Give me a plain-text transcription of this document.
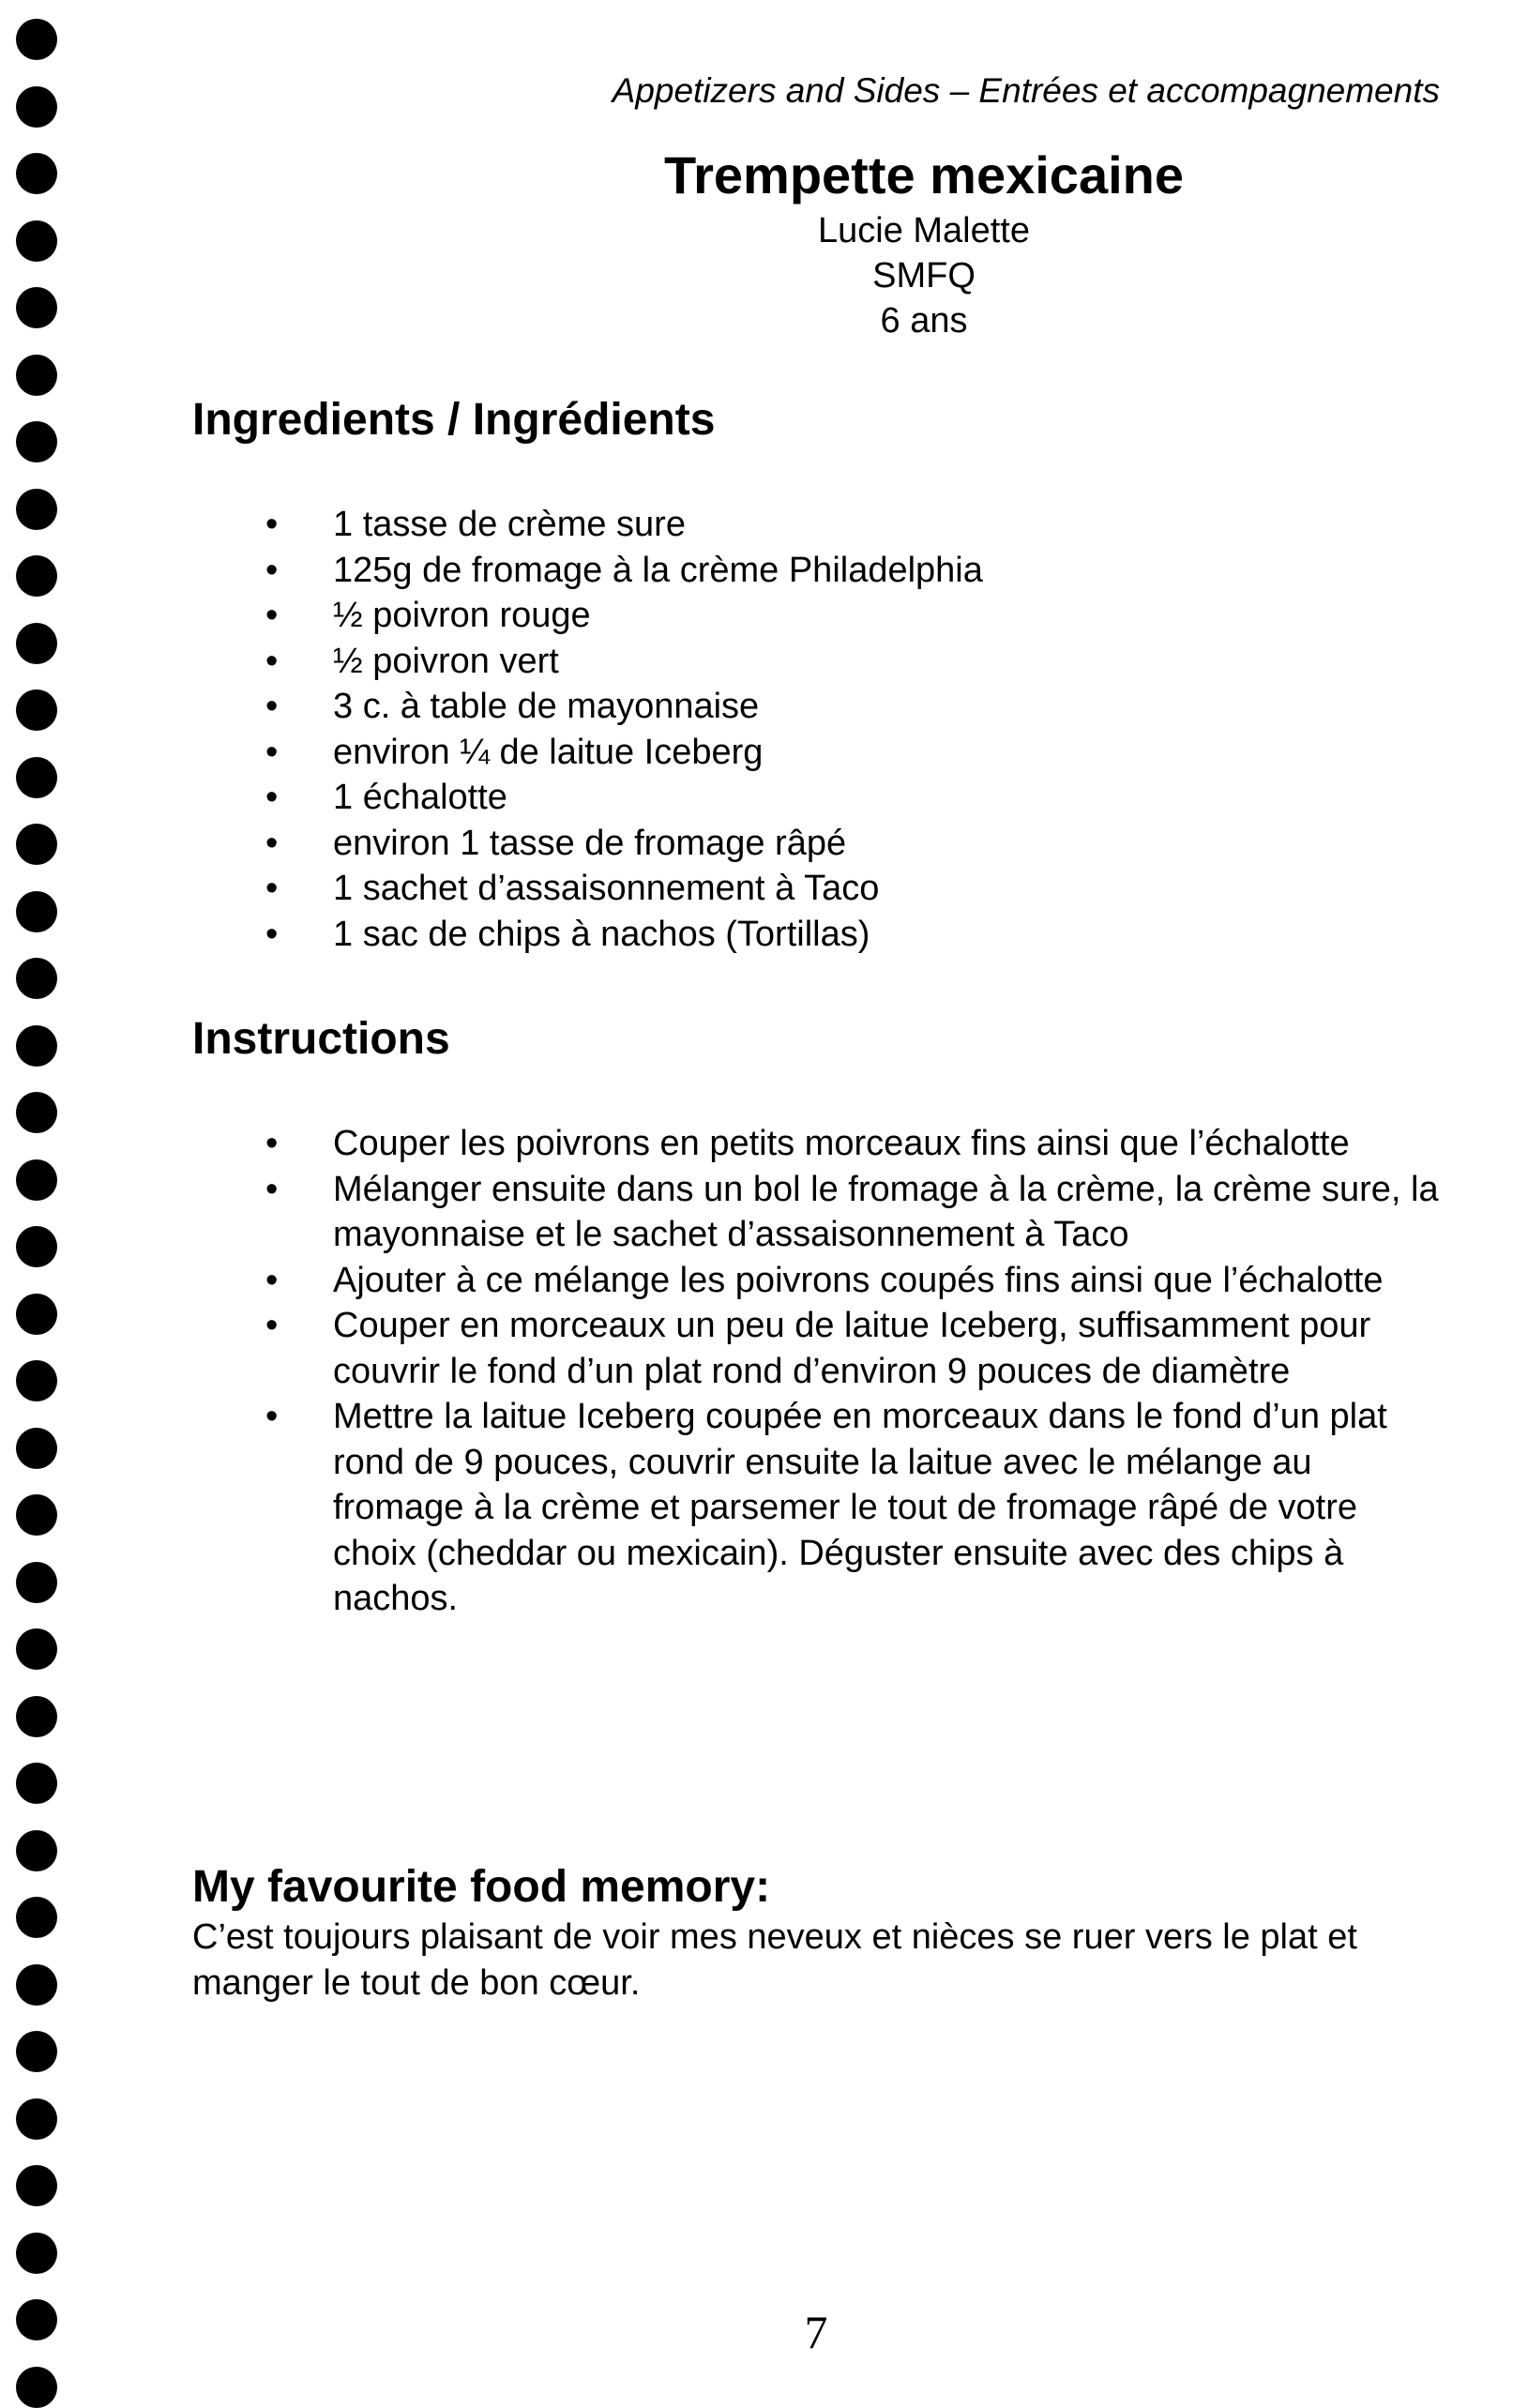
Appetizers and Sides – Entrées et accompagnements

Trempette mexicaine

Lucie Malette

SMFQ

6 ans

Ingredients / Ingrédients
• 1 tasse de crème sure
• 125g de fromage à la crème Philadelphia
• ½ poivron rouge
• ½ poivron vert
• 3 c. à table de mayonnaise
• environ ¼ de laitue Iceberg
• 1 échalotte
• environ 1 tasse de fromage râpé
• 1 sachet d’assaisonnement à Taco
• 1 sac de chips à nachos (Tortillas)
Instructions
• Couper les poivrons en petits morceaux fins ainsi que l’échalotte
• Mélanger ensuite dans un bol le fromage à la crème, la crème sure, la mayonnaise et le sachet d’assaisonnement à Taco
• Ajouter à ce mélange les poivrons coupés fins ainsi que l’échalotte
• Couper en morceaux un peu de laitue Iceberg, suffisamment pour couvrir le fond d’un plat rond d’environ 9 pouces de diamètre
• Mettre la laitue Iceberg coupée en morceaux dans le fond d’un plat rond de 9 pouces, couvrir ensuite la laitue avec le mélange au fromage à la crème et parsemer le tout de fromage râpé de votre choix (cheddar ou mexicain). Déguster ensuite avec des chips à nachos.
My favourite food memory:

C’est toujours plaisant de voir mes neveux et nièces se ruer vers le plat et manger le tout de bon cœur.

7
